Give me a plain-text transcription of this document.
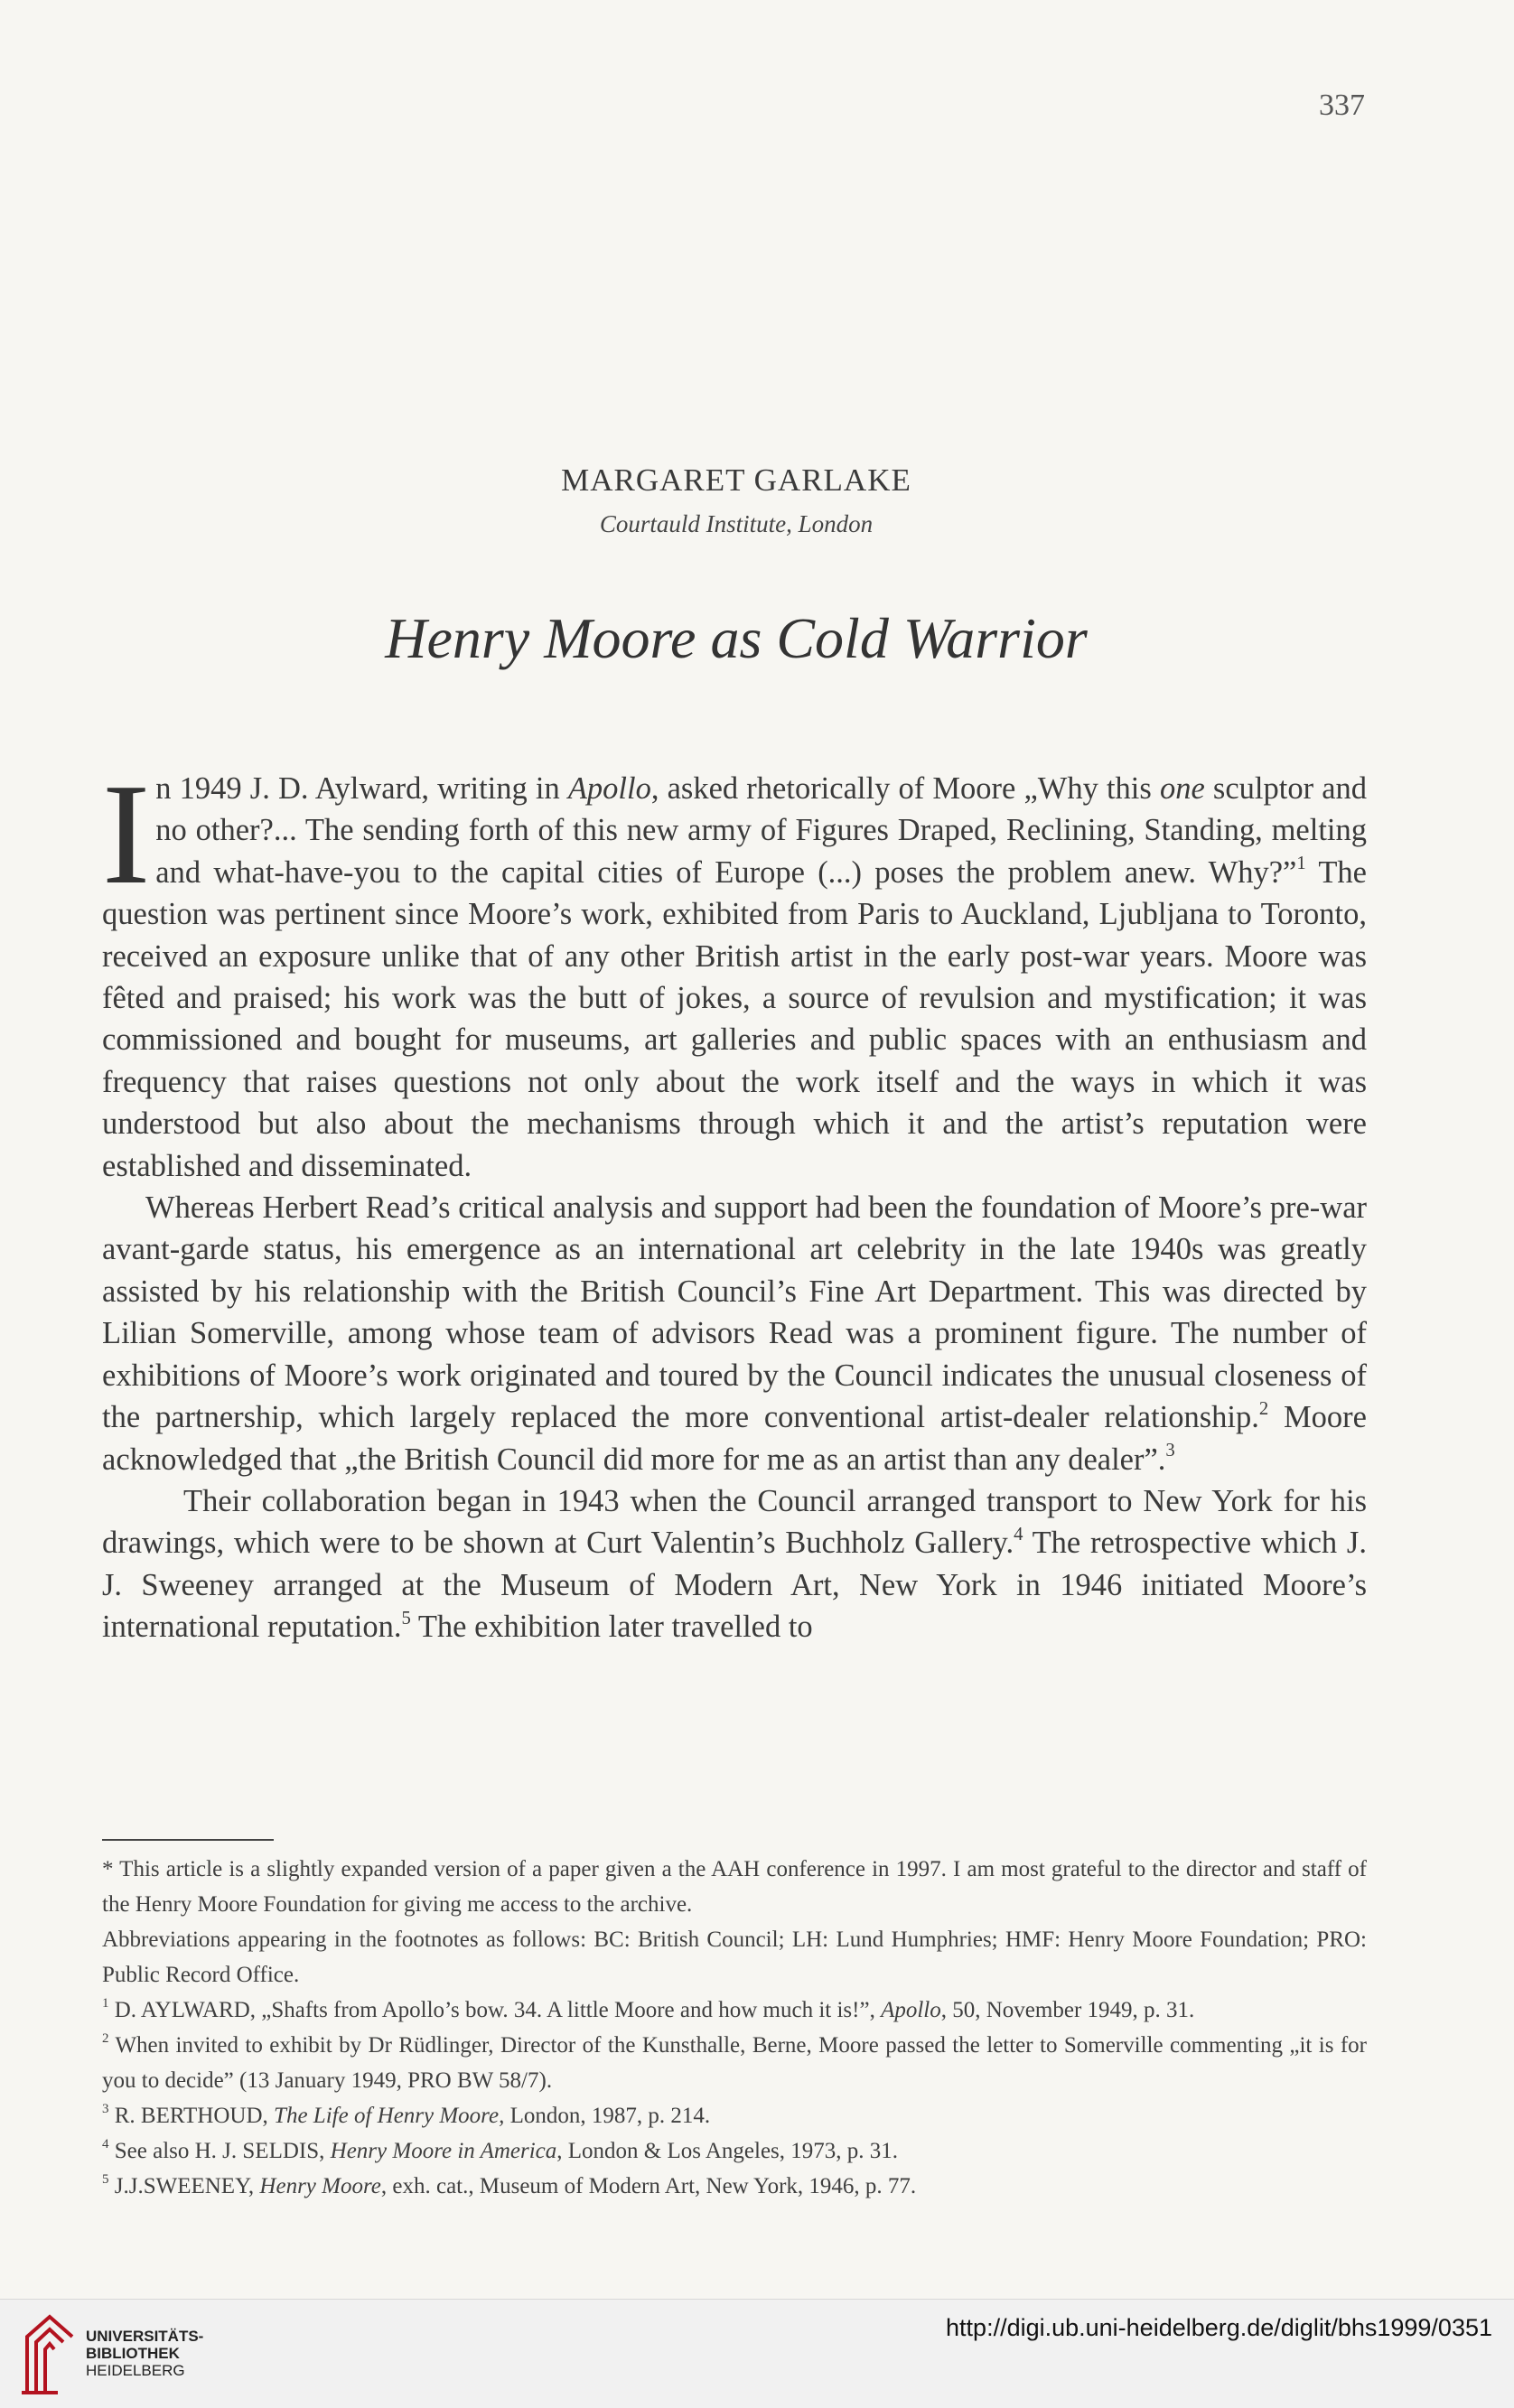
337
MARGARET GARLAKE
Courtauld Institute, London
Henry Moore as Cold Warrior

In 1949 J. D. Aylward, writing in Apollo, asked rhetorically of Moore „Why this one sculptor and no other?... The sending forth of this new army of Figures Draped, Reclining, Standing, melting and what-have-you to the capital cities of Europe (...) poses the problem anew. Why?”$^1$ The question was pertinent since Moore’s work, exhibited from Paris to Auckland, Ljubljana to Toronto, received an exposure unlike that of any other British artist in the early post-war years. Moore was fêted and praised; his work was the butt of jokes, a source of revulsion and mystification; it was commissioned and bought for museums, art galleries and public spaces with an enthusiasm and frequency that raises questions not only about the work itself and the ways in which it was understood but also about the mechanisms through which it and the artist’s reputation were established and disseminated.

Whereas Herbert Read’s critical analysis and support had been the foundation of Moore’s pre-war avant-garde status, his emergence as an international art celebrity in the late 1940s was greatly assisted by his relationship with the British Council’s Fine Art Department. This was directed by Lilian Somerville, among whose team of advisors Read was a prominent figure. The number of exhibitions of Moore’s work originated and toured by the Council indicates the unusual closeness of the partnership, which largely replaced the more conventional artist-dealer relationship.$^2$ Moore acknowledged that „the British Council did more for me as an artist than any dealer”.$^3$

Their collaboration began in 1943 when the Council arranged transport to New York for his drawings, which were to be shown at Curt Valentin’s Buchholz Gallery.$^4$ The retrospective which J. J. Sweeney arranged at the Museum of Modern Art, New York in 1946 initiated Moore’s international reputation.$^5$ The exhibition later travelled to

* This article is a slightly expanded version of a paper given a the AAH conference in 1997. I am most grateful to the director and staff of the Henry Moore Foundation for giving me access to the archive.

Abbreviations appearing in the footnotes as follows: BC: British Council; LH: Lund Humphries; HMF: Henry Moore Foundation; PRO: Public Record Office.

$^1$ D. AYLWARD, „Shafts from Apollo’s bow. 34. A little Moore and how much it is!”, Apollo, 50, November 1949, p. 31.

$^2$ When invited to exhibit by Dr Rüdlinger, Director of the Kunsthalle, Berne, Moore passed the letter to Somerville commenting „it is for you to decide” (13 January 1949, PRO BW 58/7).

$^3$ R. BERTHOUD, The Life of Henry Moore, London, 1987, p. 214.

$^4$ See also H. J. SELDIS, Henry Moore in America, London & Los Angeles, 1973, p. 31.

$^5$ J.J.SWEENEY, Henry Moore, exh. cat., Museum of Modern Art, New York, 1946, p. 77.

UNIVERSITÄTS-
BIBLIOTHEK
HEIDELBERG
http://digi.ub.uni-heidelberg.de/diglit/bhs1999/0351
